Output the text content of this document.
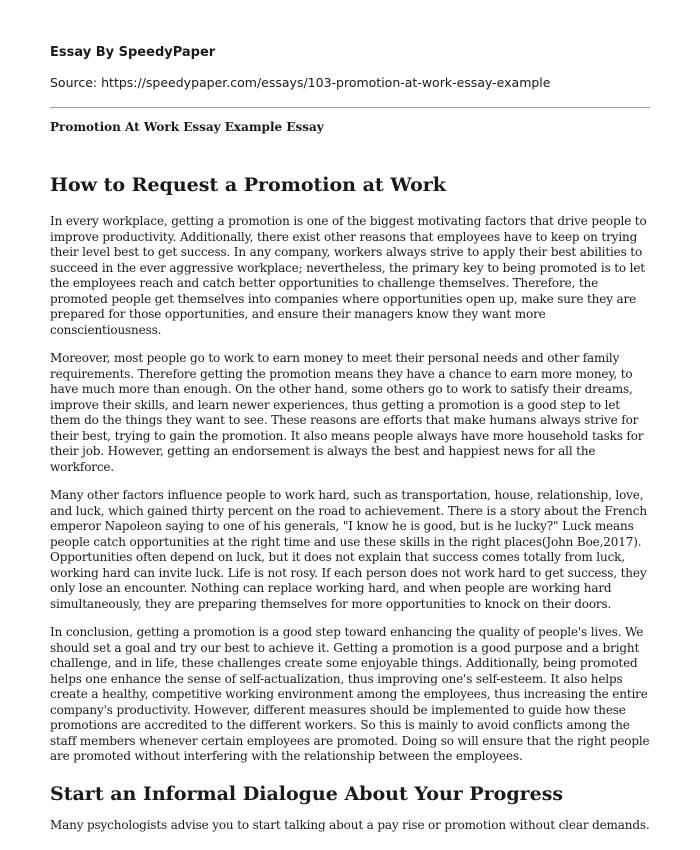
Essay By SpeedyPaper
Source: https://speedypaper.com/essays/103-promotion-at-work-essay-example
Promotion At Work Essay Example Essay
How to Request a Promotion at Work

In every workplace, getting a promotion is one of the biggest motivating factors that drive people to improve productivity. Additionally, there exist other reasons that employees have to keep on trying their level best to get success. In any company, workers always strive to apply their best abilities to succeed in the ever aggressive workplace; nevertheless, the primary key to being promoted is to let the employees reach and catch better opportunities to challenge themselves. Therefore, the promoted people get themselves into companies where opportunities open up, make sure they are prepared for those opportunities, and ensure their managers know they want more conscientiousness.

Moreover, most people go to work to earn money to meet their personal needs and other family requirements. Therefore getting the promotion means they have a chance to earn more money, to have much more than enough. On the other hand, some others go to work to satisfy their dreams, improve their skills, and learn newer experiences, thus getting a promotion is a good step to let them do the things they want to see. These reasons are efforts that make humans always strive for their best, trying to gain the promotion. It also means people always have more household tasks for their job. However, getting an endorsement is always the best and happiest news for all the workforce.

Many other factors influence people to work hard, such as transportation, house, relationship, love, and luck, which gained thirty percent on the road to achievement. There is a story about the French emperor Napoleon saying to one of his generals, "I know he is good, but is he lucky?" Luck means people catch opportunities at the right time and use these skills in the right places(John Boe,2017). Opportunities often depend on luck, but it does not explain that success comes totally from luck, working hard can invite luck. Life is not rosy. If each person does not work hard to get success, they only lose an encounter. Nothing can replace working hard, and when people are working hard simultaneously, they are preparing themselves for more opportunities to knock on their doors.

In conclusion, getting a promotion is a good step toward enhancing the quality of people's lives. We should set a goal and try our best to achieve it. Getting a promotion is a good purpose and a bright challenge, and in life, these challenges create some enjoyable things. Additionally, being promoted helps one enhance the sense of self-actualization, thus improving one's self-esteem. It also helps create a healthy, competitive working environment among the employees, thus increasing the entire company's productivity. However, different measures should be implemented to guide how these promotions are accredited to the different workers. So this is mainly to avoid conflicts among the staff members whenever certain employees are promoted. Doing so will ensure that the right people are promoted without interfering with the relationship between the employees.

Start an Informal Dialogue About Your Progress

Many psychologists advise you to start talking about a pay rise or promotion without clear demands.
